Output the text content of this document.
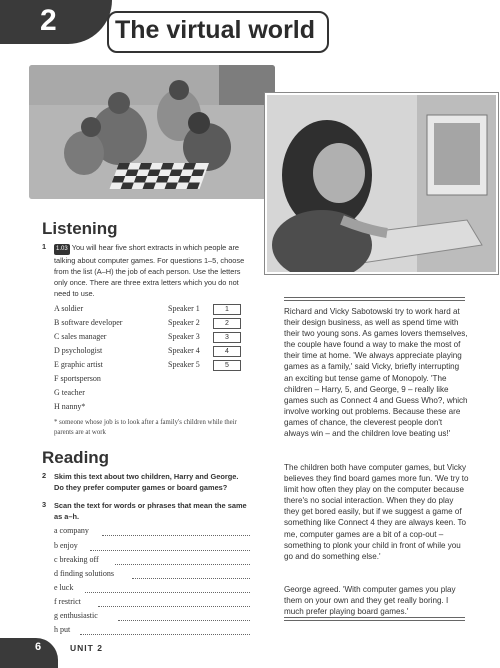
2 The virtual world
Listening
1	1.03 You will hear five short extracts in which people are talking about computer games. For questions 1–5, choose from the list (A–H) the job of each person. Use the letters only once. There are three extra letters which you do not need to use.
A soldier
B software developer
C sales manager
D psychologist
E graphic artist
F sportsperson
G teacher
H nanny*
Speaker 1
Speaker 2
Speaker 3
Speaker 4
Speaker 5
1
2
3
4
5
* someone whose job is to look after a family's children while their parents are at work
Reading
2 Skim this text about two children, Harry and George. Do they prefer computer games or board games?
3 Scan the text for words or phrases that mean the same as a–h.
a company
b enjoy
c breaking off
d finding solutions
e luck
f restrict
g enthusiastic
h put
Richard and Vicky Sabotowski try to work hard at their design business, as well as spend time with their two young sons. As games lovers themselves, the couple have found a way to make the most of their time at home. 'We always appreciate playing games as a family,' said Vicky, briefly interrupting an exciting but tense game of Monopoly. 'The children – Harry, 5, and George, 9 – really like games such as Connect 4 and Guess Who?, which involve working out problems. Because these are games of chance, the cleverest people don't always win – and the children love beating us!'
The children both have computer games, but Vicky believes they find board games more fun. 'We try to limit how often they play on the computer because there's no social interaction. When they do play they get bored easily, but if we suggest a game of something like Connect 4 they are always keen. To me, computer games are a bit of a cop-out – something to plonk your child in front of while you go and do something else.'
George agreed. 'With computer games you play them on your own and they get really boring. I much prefer playing board games.'
6	UNIT 2
